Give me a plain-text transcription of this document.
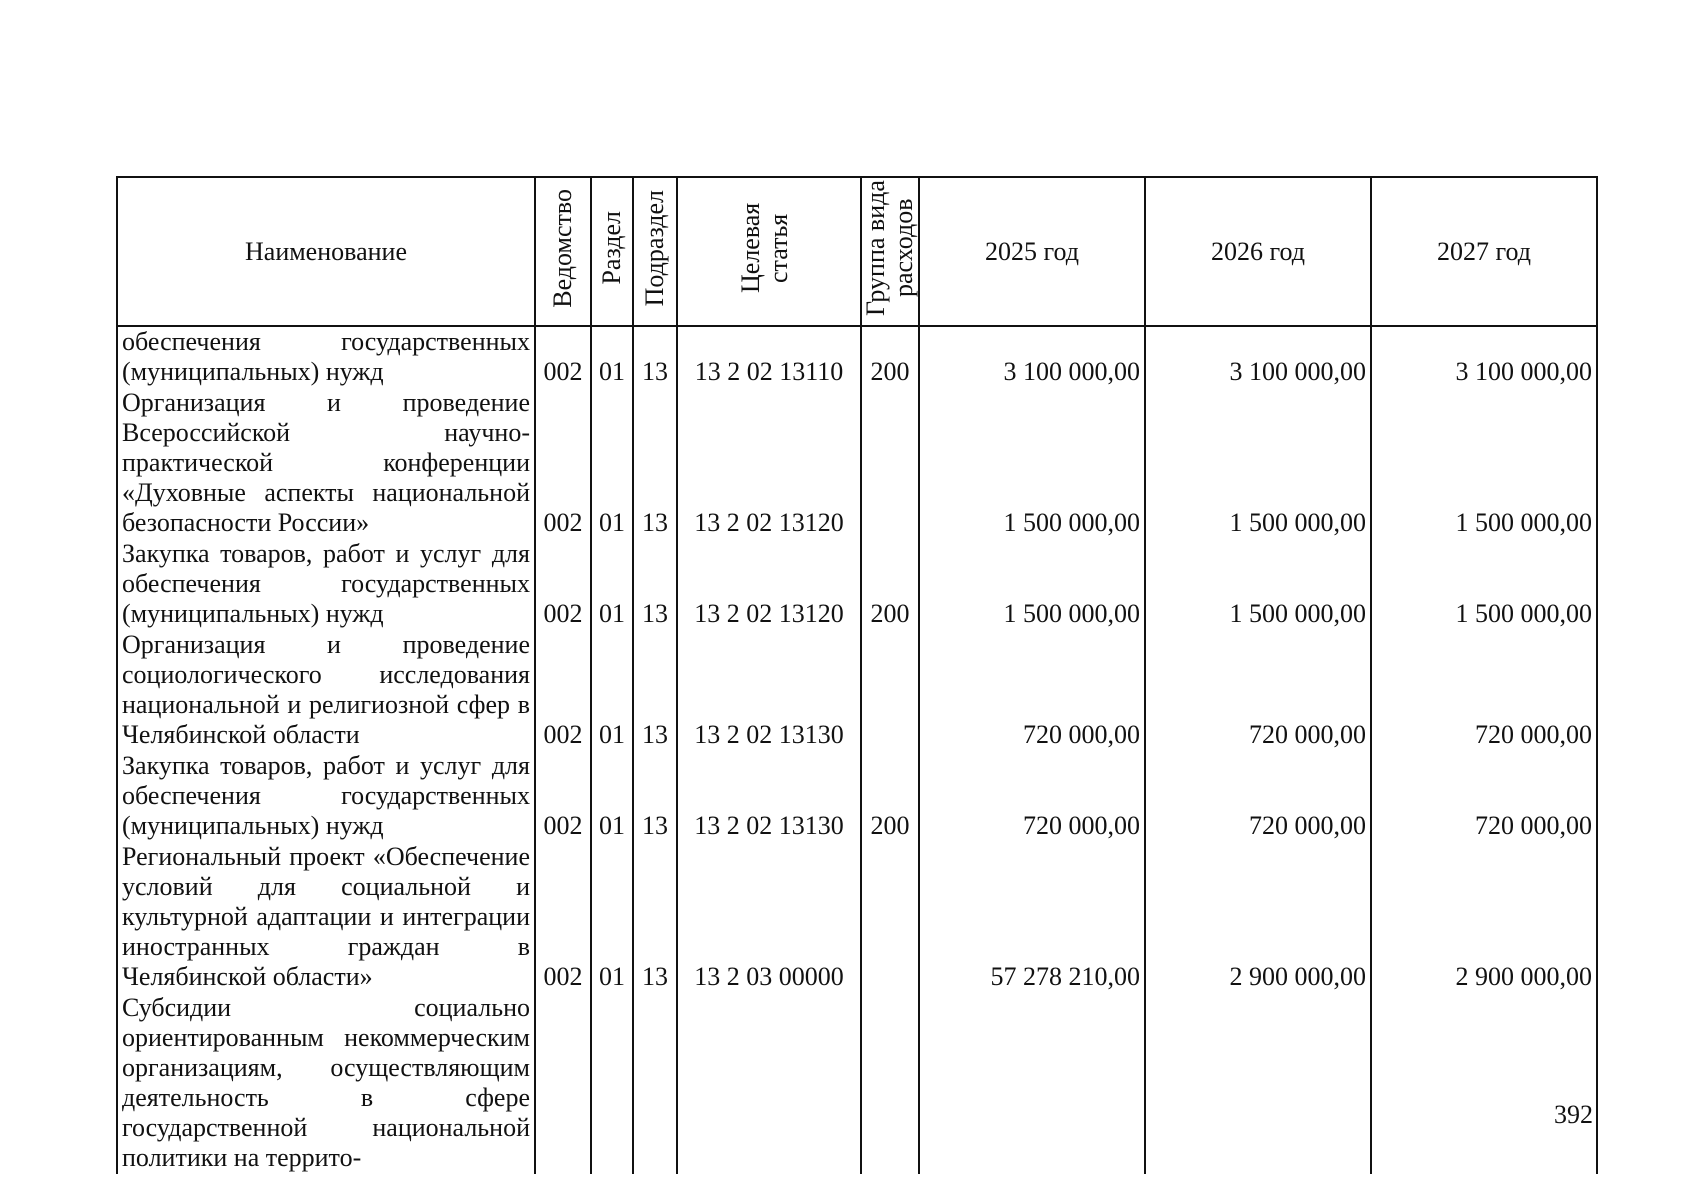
Наименование	Ведомство	Раздел	Подраздел	Целевая статья	Группа вида расходов	2025 год	2026 год	2027 год
обеспечения государственных (муниципальных) нужд	002	01	13	13 2 02 13110	200	3 100 000,00	3 100 000,00	3 100 000,00
Организация и проведение Всероссийской научно-практической конференции «Духовные аспекты национальной безопасности России»	002	01	13	13 2 02 13120		1 500 000,00	1 500 000,00	1 500 000,00
Закупка товаров, работ и услуг для обеспечения государственных (муниципальных) нужд	002	01	13	13 2 02 13120	200	1 500 000,00	1 500 000,00	1 500 000,00
Организация и проведение социологического исследования национальной и религиозной сфер в Челябинской области	002	01	13	13 2 02 13130		720 000,00	720 000,00	720 000,00
Закупка товаров, работ и услуг для обеспечения государственных (муниципальных) нужд	002	01	13	13 2 02 13130	200	720 000,00	720 000,00	720 000,00
Региональный проект «Обеспечение условий для социальной и культурной адаптации и интеграции иностранных граждан в Челябинской области»	002	01	13	13 2 03 00000		57 278 210,00	2 900 000,00	2 900 000,00
Субсидии социально ориентированным некоммерческим организациям, осуществляющим деятельность в сфере государственной национальной политики на террито-								
392
